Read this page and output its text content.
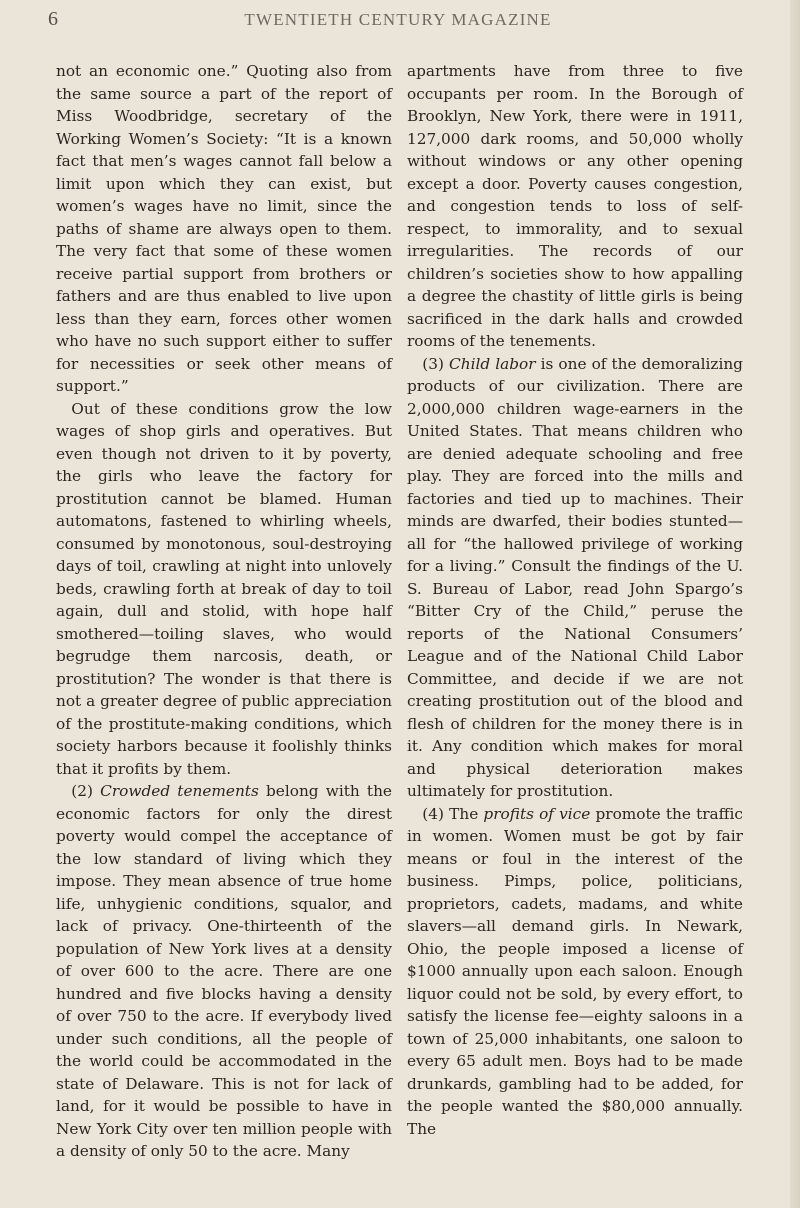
6	TWENTIETH CENTURY MAGAZINE

not an economic one.” Quoting also from the same source a part of the report of Miss Woodbridge, secretary of the Working Women’s Society: “It is a known fact that men’s wages cannot fall below a limit upon which they can exist, but women’s wages have no limit, since the paths of shame are always open to them. The very fact that some of these women receive partial support from brothers or fathers and are thus enabled to live upon less than they earn, forces other women who have no such support either to suffer for necessities or seek other means of support.”

Out of these conditions grow the low wages of shop girls and operatives. But even though not driven to it by poverty, the girls who leave the factory for prostitution cannot be blamed. Human automatons, fastened to whirling wheels, consumed by monotonous, soul-destroying days of toil, crawling at night into unlovely beds, crawling forth at break of day to toil again, dull and stolid, with hope half smothered—toiling slaves, who would begrudge them narcosis, death, or prostitution? The wonder is that there is not a greater degree of public appreciation of the prostitute-making conditions, which society harbors because it foolishly thinks that it profits by them.

(2) Crowded tenements belong with the economic factors for only the direst poverty would compel the acceptance of the low standard of living which they impose. They mean absence of true home life, unhygienic conditions, squalor, and lack of privacy. One-thirteenth of the population of New York lives at a density of over 600 to the acre. There are one hundred and five blocks having a density of over 750 to the acre. If everybody lived under such conditions, all the people of the world could be accommodated in the state of Delaware. This is not for lack of land, for it would be possible to have in New York City over ten million people with a density of only 50 to the acre. Many

apartments have from three to five occupants per room. In the Borough of Brooklyn, New York, there were in 1911, 127,000 dark rooms, and 50,000 wholly without windows or any other opening except a door. Poverty causes congestion, and congestion tends to loss of self-respect, to immorality, and to sexual irregularities. The records of our children’s societies show to how appalling a degree the chastity of little girls is being sacrificed in the dark halls and crowded rooms of the tenements.

(3) Child labor is one of the demoralizing products of our civilization. There are 2,000,000 children wage-earners in the United States. That means children who are denied adequate schooling and free play. They are forced into the mills and factories and tied up to machines. Their minds are dwarfed, their bodies stunted—all for “the hallowed privilege of working for a living.” Consult the findings of the U. S. Bureau of Labor, read John Spargo’s “Bitter Cry of the Child,” peruse the reports of the National Consumers’ League and of the National Child Labor Committee, and decide if we are not creating prostitution out of the blood and flesh of children for the money there is in it. Any condition which makes for moral and physical deterioration makes ultimately for prostitution.

(4) The profits of vice promote the traffic in women. Women must be got by fair means or foul in the interest of the business. Pimps, police, politicians, proprietors, cadets, madams, and white slavers—all demand girls. In Newark, Ohio, the people imposed a license of $1000 annually upon each saloon. Enough liquor could not be sold, by every effort, to satisfy the license fee—eighty saloons in a town of 25,000 inhabitants, one saloon to every 65 adult men. Boys had to be made drunkards, gambling had to be added, for the people wanted the $80,000 annually. The
